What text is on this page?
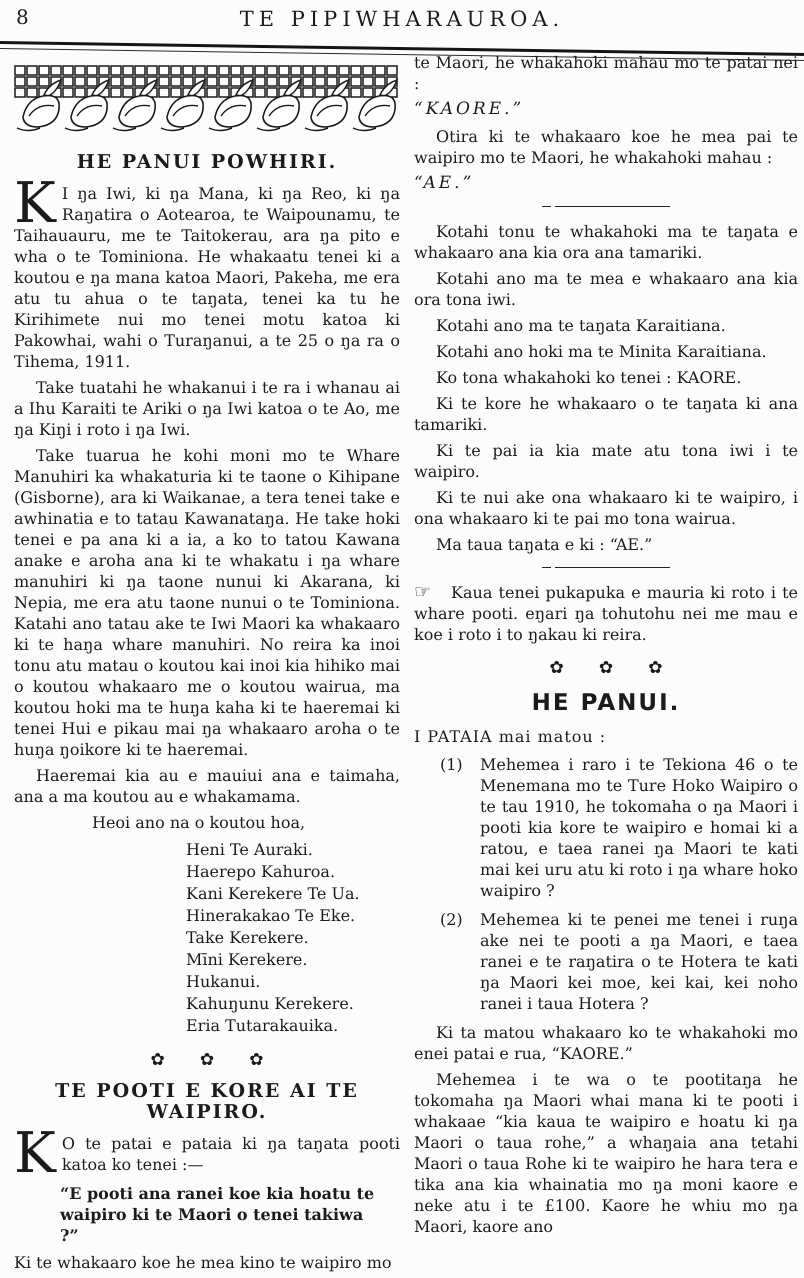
8	TE PIPIWHARAUROA.
HE PANUI POWHIRI.

K I ŋa Iwi, ki ŋa Mana, ki ŋa Reo, ki ŋa Raŋatira o Aotearoa, te Waipounamu, te Taihauauru, me te Taitokerau, ara ŋa pito e wha o te Tominiona. He whakaatu tenei ki a koutou e ŋa mana katoa Maori, Pakeha, me era atu tu ahua o te taŋata, tenei ka tu he Kirihimete nui mo tenei motu katoa ki Pakowhai, wahi o Turaŋanui, a te 25 o ŋa ra o Tihema, 1911.

Take tuatahi he whakanui i te ra i whanau ai a Ihu Karaiti te Ariki o ŋa Iwi katoa o te Ao, me ŋa Kiŋi i roto i ŋa Iwi.

Take tuarua he kohi moni mo te Whare Manuhiri ka whakaturia ki te taone o Kihipane (Gisborne), ara ki Waikanae, a tera tenei take e awhinatia e to tatau Kawanataŋa. He take hoki tenei e pa ana ki a ia, a ko to tatou Kawana anake e aroha ana ki te whakatu i ŋa whare manuhiri ki ŋa taone nunui ki Akarana, ki Nepia, me era atu taone nunui o te Tominiona. Katahi ano tatau ake te Iwi Maori ka whakaaro ki te haŋa whare manuhiri. No reira ka inoi tonu atu matau o koutou kai inoi kia hihiko mai o koutou whakaaro me o koutou wairua, ma koutou hoki ma te huŋa kaha ki te haeremai ki tenei Hui e pikau mai ŋa whakaaro aroha o te huŋa ŋoikore ki te haeremai.

Haeremai kia au e mauiui ana e taimaha, ana a ma koutou au e whakamama.

Heoi ano na o koutou hoa,

Heni Te Auraki.
Haerepo Kahuroa.
Kani Kerekere Te Ua.
Hinerakakao Te Eke.
Take Kerekere.
Mīni Kerekere.
Hukanui.
Kahuŋunu Kerekere.
Eria Tutarakauika.
✿ ✿ ✿
TE POOTI E KORE AI TE WAIPIRO.

K O te patai e pataia ki ŋa taŋata pooti katoa ko tenei :—

“E pooti ana ranei koe kia hoatu te waipiro ki te Maori o tenei takiwa ?”

Ki te whakaaro koe he mea kino te waipiro mo

te Maori, he whakahoki mahau mo te patai nei :

“KAORE.”

Otira ki te whakaaro koe he mea pai te waipiro mo te Maori, he whakahoki mahau :

“AE.”

Kotahi tonu te whakahoki ma te taŋata e whakaaro ana kia ora ana tamariki.

Kotahi ano ma te mea e whakaaro ana kia ora tona iwi.

Kotahi ano ma te taŋata Karaitiana.

Kotahi ano hoki ma te Minita Karaitiana.

Ko tona whakahoki ko tenei : KAORE.

Ki te kore he whakaaro o te taŋata ki ana tamariki.

Ki te pai ia kia mate atu tona iwi i te waipiro.

Ki te nui ake ona whakaaro ki te waipiro, i ona whakaaro ki te pai mo tona wairua.

Ma taua taŋata e ki : “AE.”

☞ Kaua tenei pukapuka e mauria ki roto i te whare pooti. eŋari ŋa tohutohu nei me mau e koe i roto i to ŋakau ki reira.

✿ ✿ ✿
HE PANUI.

I PATAIA mai matou :

(1)	Mehemea i raro i te Tekiona 46 o te Menemana mo te Ture Hoko Waipiro o te tau 1910, he tokomaha o ŋa Maori i pooti kia kore te waipiro e homai ki a ratou, e taea ranei ŋa Maori te kati mai kei uru atu ki roto i ŋa whare hoko waipiro ?
(2)	Mehemea ki te penei me tenei i ruŋa ake nei te pooti a ŋa Maori, e taea ranei e te raŋatira o te Hotera te kati ŋa Maori kei moe, kei kai, kei noho ranei i taua Hotera ?

Ki ta matou whakaaro ko te whakahoki mo enei patai e rua, “KAORE.”

Mehemea i te wa o te pootitaŋa he tokomaha ŋa Maori whai mana ki te pooti i whakaae “kia kaua te waipiro e hoatu ki ŋa Maori o taua rohe,” a whaŋaia ana tetahi Maori o taua Rohe ki te waipiro he hara tera e tika ana kia whainatia mo ŋa moni kaore e neke atu i te £100. Kaore he whiu mo ŋa Maori, kaore ano
